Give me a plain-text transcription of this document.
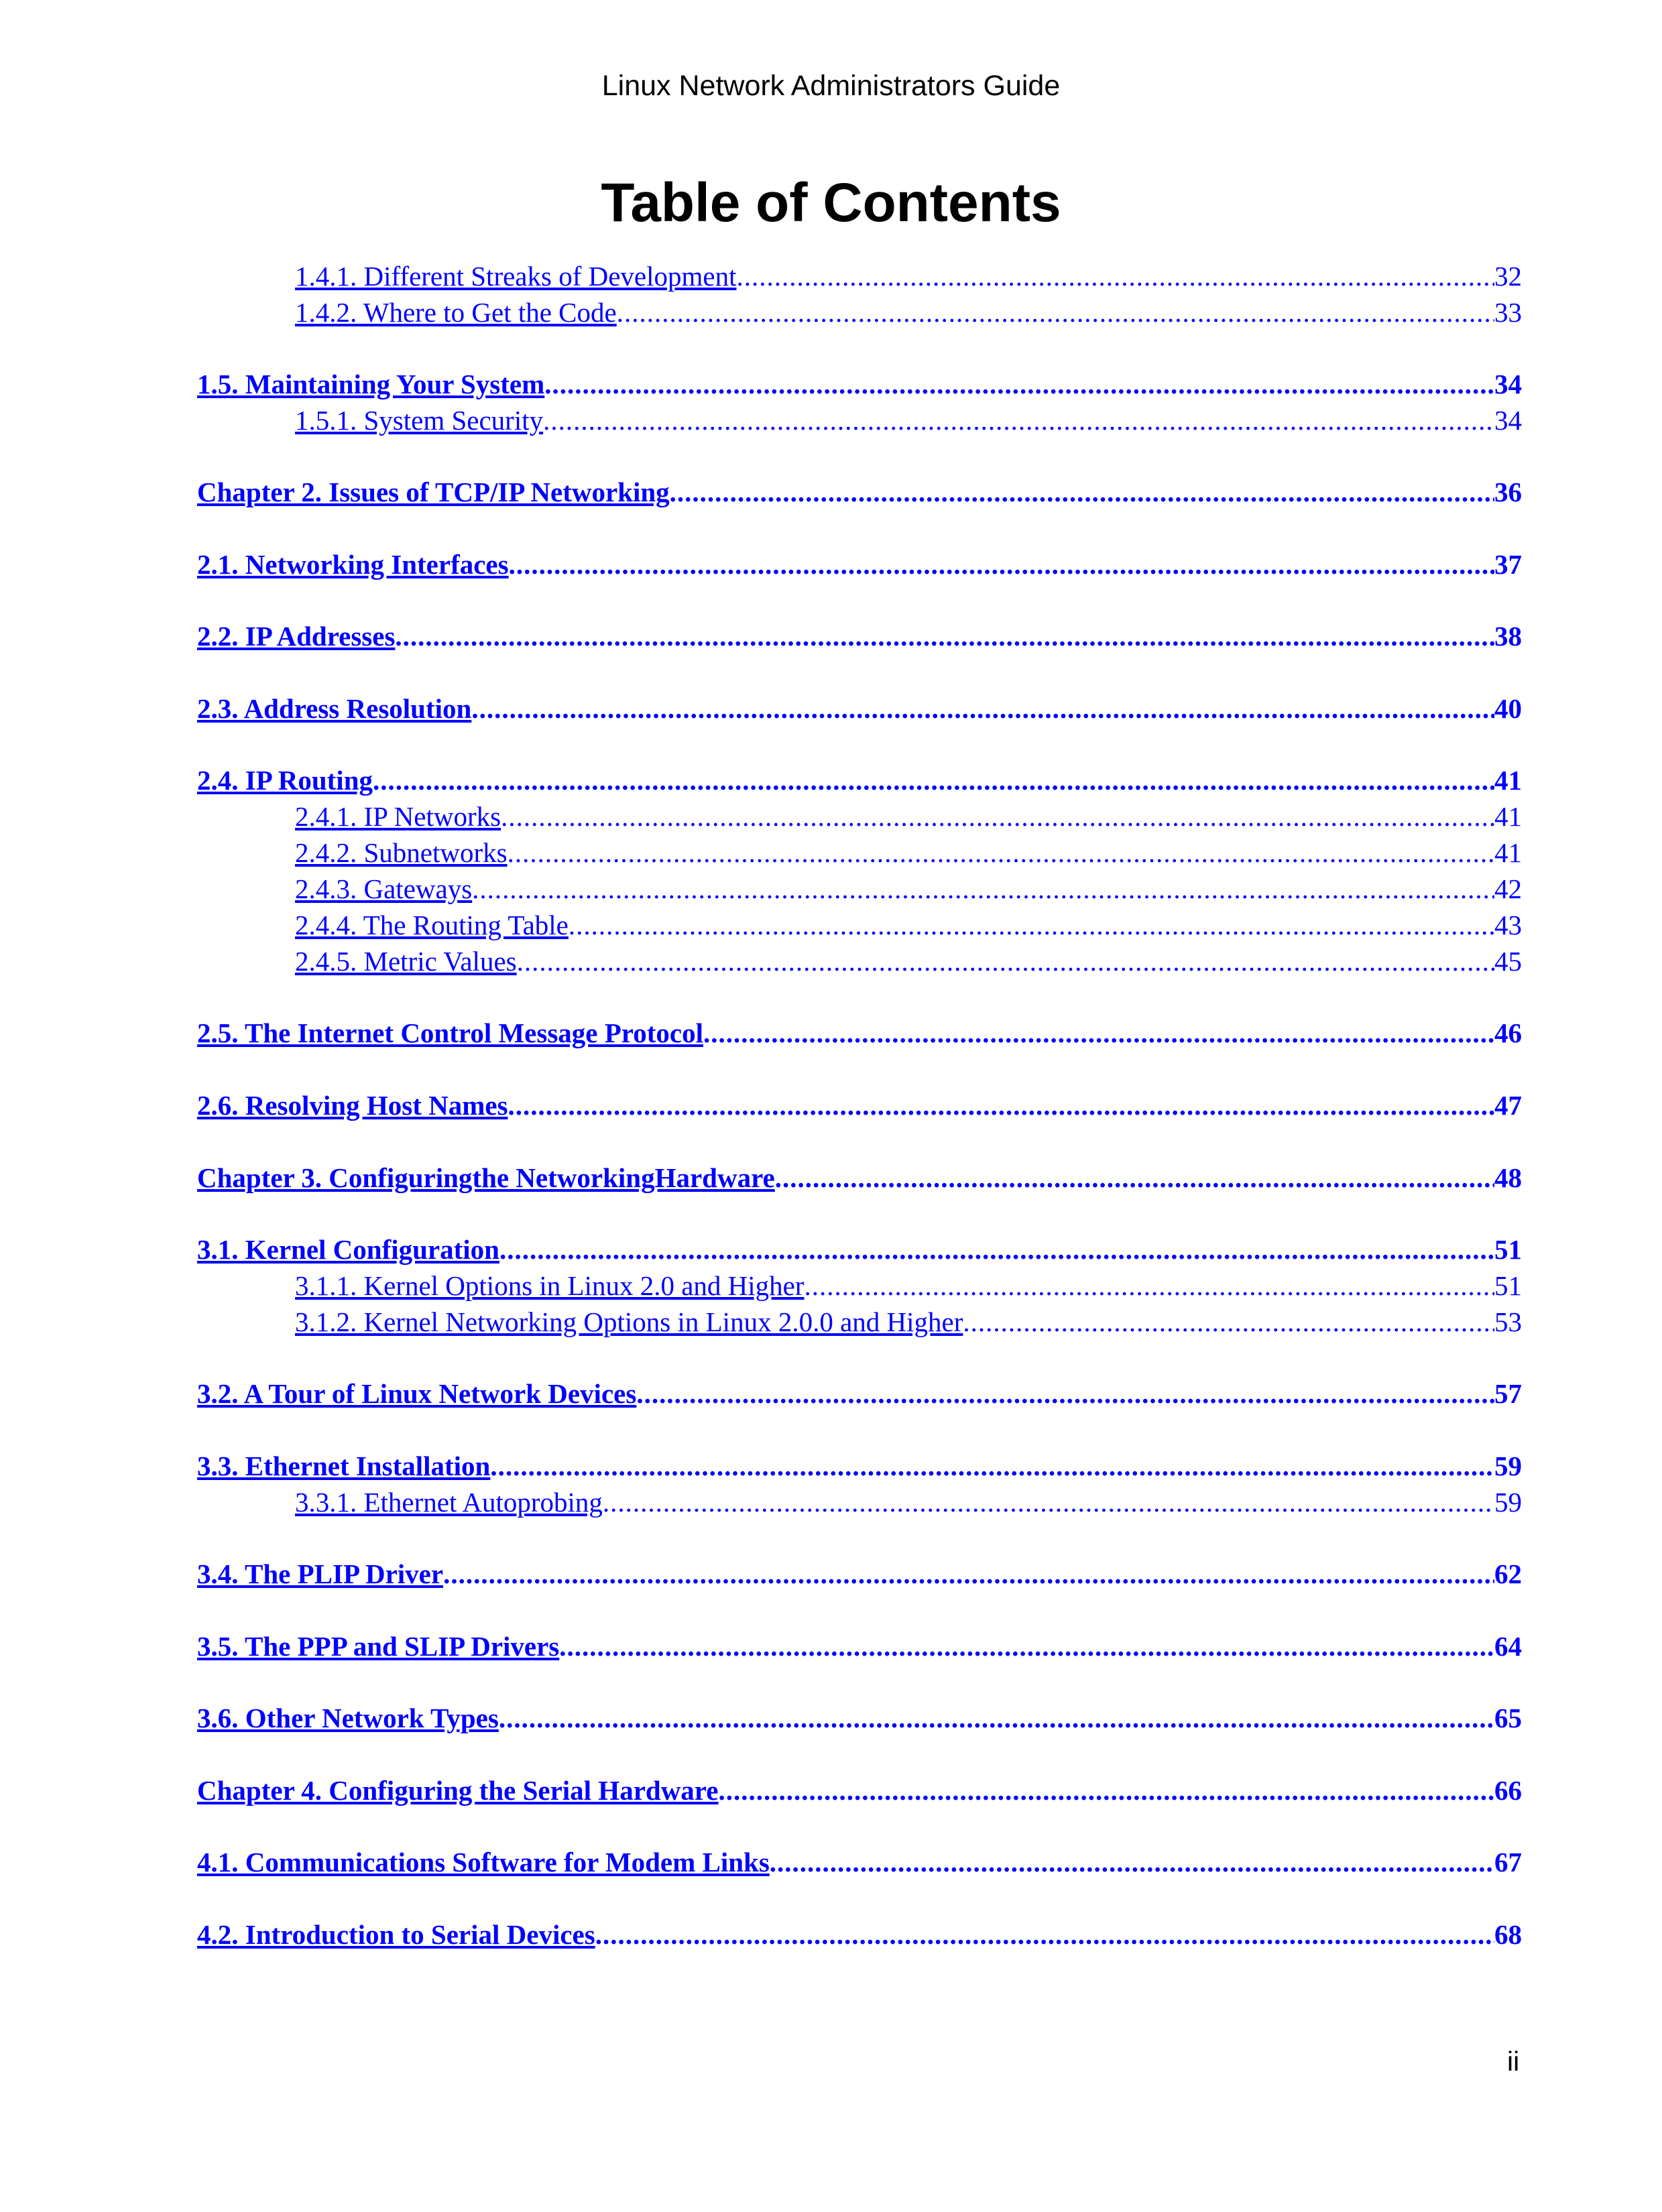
Linux Network Administrators Guide
Table of Contents
1.4.1. Different Streaks of Development .....	32
1.4.2. Where to Get the Code .....	33
1.5. Maintaining Your System .....	34
1.5.1. System Security .....	34
Chapter 2. Issues of TCP/IP Networking .....	36
2.1. Networking Interfaces .....	37
2.2. IP Addresses .....	38
2.3. Address Resolution .....	40
2.4. IP Routing .....	41
2.4.1. IP Networks .....	41
2.4.2. Subnetworks .....	41
2.4.3. Gateways .....	42
2.4.4. The Routing Table .....	43
2.4.5. Metric Values .....	45
2.5. The Internet Control Message Protocol .....	46
2.6. Resolving Host Names .....	47
Chapter 3. Configuringthe NetworkingHardware .....	48
3.1. Kernel Configuration .....	51
3.1.1. Kernel Options in Linux 2.0 and Higher .....	51
3.1.2. Kernel Networking Options in Linux 2.0.0 and Higher .....	53
3.2. A Tour of Linux Network Devices .....	57
3.3. Ethernet Installation .....	59
3.3.1. Ethernet Autoprobing .....	59
3.4. The PLIP Driver .....	62
3.5. The PPP and SLIP Drivers .....	64
3.6. Other Network Types .....	65
Chapter 4. Configuring the Serial Hardware .....	66
4.1. Communications Software for Modem Links .....	67
4.2. Introduction to Serial Devices .....	68
ii
